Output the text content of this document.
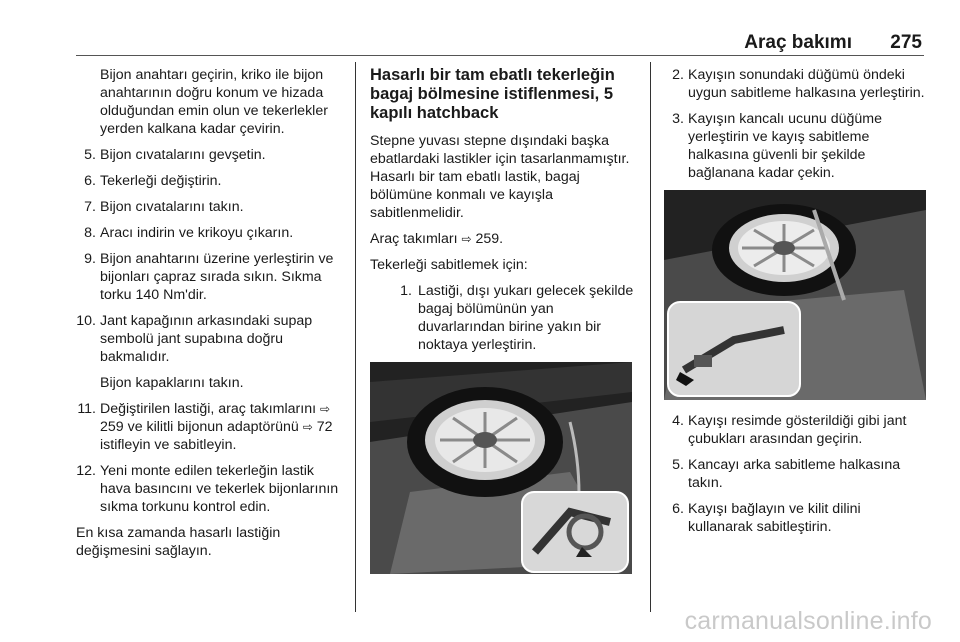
Araç bakımı 275

Bijon anahtarı geçirin, kriko ile bijon anahtarının doğru konum ve hizada olduğundan emin olun ve tekerlekler yerden kalkana kadar çevirin.

5. Bijon cıvatalarını gevşetin.
6. Tekerleği değiştirin.
7. Bijon cıvatalarını takın.
8. Aracı indirin ve krikoyu çıkarın.
9. Bijon anahtarını üzerine yerleştirin ve bijonları çapraz sırada sıkın. Sıkma torku 140 Nm'dir.
10. Jant kapağının arkasındaki supap sembolü jant supabına doğru bakmalıdır.
Bijon kapaklarını takın.
11. Değiştirilen lastiği, araç takımlarını ⇨ 259 ve kilitli bijonun adaptörünü ⇨ 72 istifleyin ve sabitleyin.
12. Yeni monte edilen tekerleğin lastik hava basıncını ve tekerlek bijonlarının sıkma torkunu kontrol edin.

En kısa zamanda hasarlı lastiğin değişmesini sağlayın.

Hasarlı bir tam ebatlı tekerleğin bagaj bölmesine istiflenmesi, 5 kapılı hatchback

Stepne yuvası stepne dışındaki başka ebatlardaki lastikler için tasarlanmamıştır. Hasarlı bir tam ebatlı lastik, bagaj bölümüne konmalı ve kayışla sabitlenmelidir.

Araç takımları ⇨ 259.

Tekerleği sabitlemek için:

1. Lastiği, dışı yukarı gelecek şekilde bagaj bölümünün yan duvarlarından birine yakın bir noktaya yerleştirin.
2. Kayışın sonundaki düğümü öndeki uygun sabitleme halkasına yerleştirin.
3. Kayışın kancalı ucunu düğüme yerleştirin ve kayış sabitleme halkasına güvenli bir şekilde bağlanana kadar çekin.
4. Kayışı resimde gösterildiği gibi jant çubukları arasından geçirin.
5. Kancayı arka sabitleme halkasına takın.
6. Kayışı bağlayın ve kilit dilini kullanarak sabitleştirin.
carmanualsonline.info
